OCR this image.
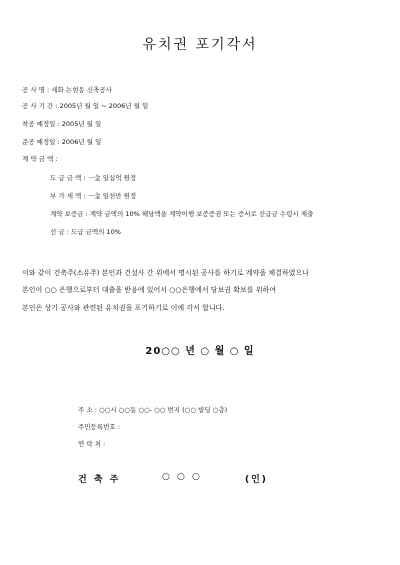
유치권 포기각서
공 사 명 : 세화 논현동 신축공사
공 사 기 간 : 2005년 월 일 ~ 2006년 월 일
착공 예정일 : 2005년 월 일
준공 예정일 : 2006년 월 일
계 약 금 액 :
도 급 금 액 : 一金 일십억 원정
부 가 세 액 : 一金 일천만 원정
계약 보증금 : 계약 금액의 10% 해당액을 계약이행 보증증권 또는 증서로 선급금 수령시 제출
선 금 : 도급 금액의 10%
이와 같이 건축주(소유주) 본인과 건설사 간 위에서 명시된 공사를 하기로 계약을 체결하였으나
본인이 ○○ 은행으로부터 대출을 받음에 있어서 ○○은행에서 담보권 확보를 위하여
본인은 상기 공사와 관련된 유치권을 포기하기로 이에 각서 합니다.
20○○ 년 ○ 월 ○ 일
주 소 : ○○시 ○○동 ○○- ○○ 번지 (○○ 빌딩 ○층)
주민등록번호 :
연 락 처 :
건 축 주	○ ○ ○	(인)
